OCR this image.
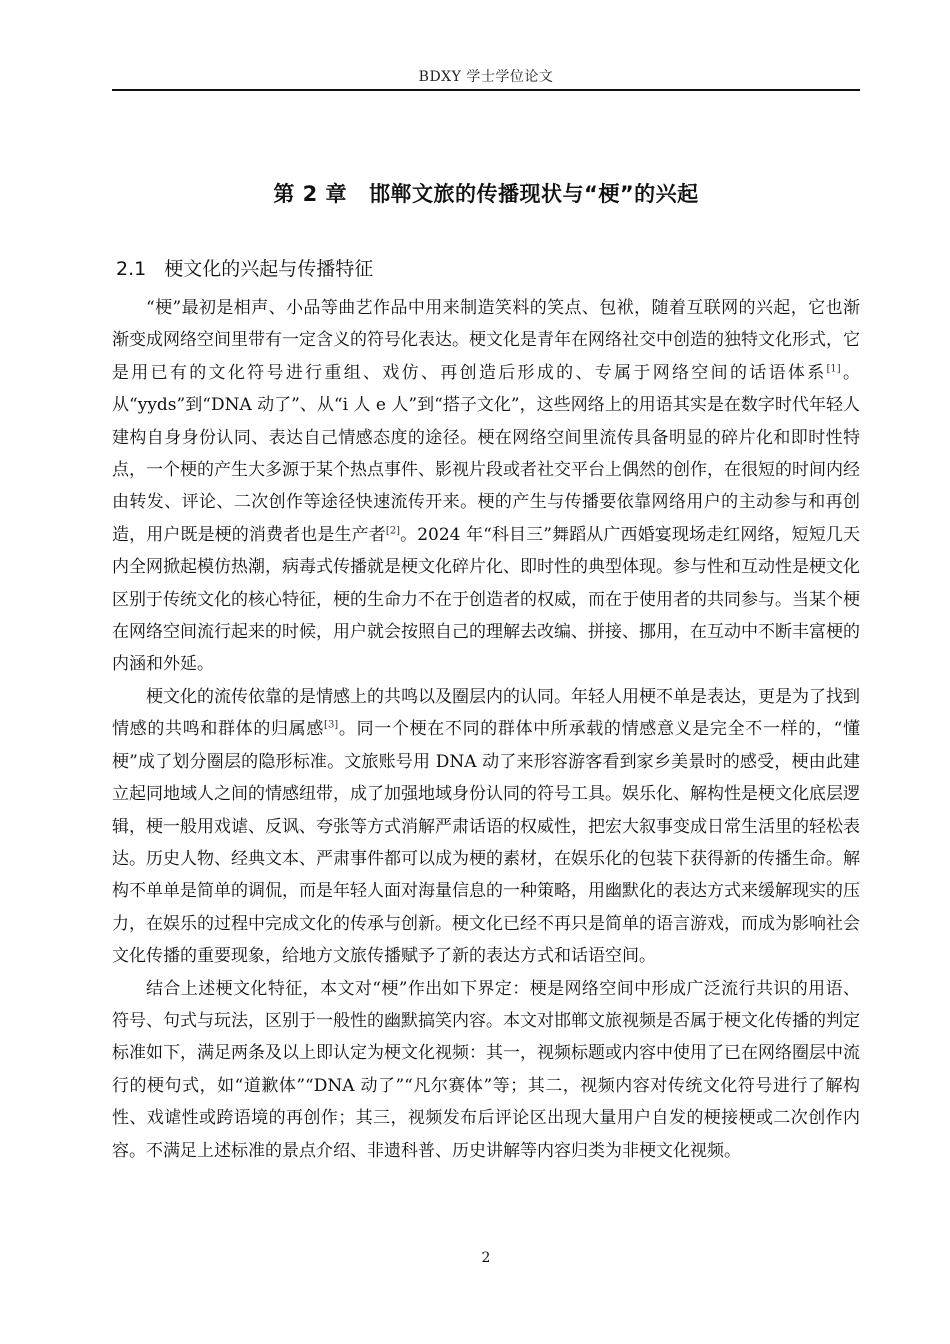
BDXY 学士学位论文
第 2 章 邯郸文旅的传播现状与“梗”的兴起
2.1 梗文化的兴起与传播特征

“梗”最初是相声、小品等曲艺作品中用来制造笑料的笑点、包袱，随着互联网的兴起，它也渐渐变成网络空间里带有一定含义的符号化表达。梗文化是青年在网络社交中创造的独特文化形式，它是用已有的文化符号进行重组、戏仿、再创造后形成的、专属于网络空间的话语体系[1]。从“yyds”到“DNA 动了”、从“i 人 e 人”到“搭子文化”，这些网络上的用语其实是在数字时代年轻人建构自身身份认同、表达自己情感态度的途径。梗在网络空间里流传具备明显的碎片化和即时性特点，一个梗的产生大多源于某个热点事件、影视片段或者社交平台上偶然的创作，在很短的时间内经由转发、评论、二次创作等途径快速流传开来。梗的产生与传播要依靠网络用户的主动参与和再创造，用户既是梗的消费者也是生产者[2]。2024 年“科目三”舞蹈从广西婚宴现场走红网络，短短几天内全网掀起模仿热潮，病毒式传播就是梗文化碎片化、即时性的典型体现。参与性和互动性是梗文化区别于传统文化的核心特征，梗的生命力不在于创造者的权威，而在于使用者的共同参与。当某个梗在网络空间流行起来的时候，用户就会按照自己的理解去改编、拼接、挪用，在互动中不断丰富梗的内涵和外延。

梗文化的流传依靠的是情感上的共鸣以及圈层内的认同。年轻人用梗不单是表达，更是为了找到情感的共鸣和群体的归属感[3]。同一个梗在不同的群体中所承载的情感意义是完全不一样的，“懂梗”成了划分圈层的隐形标准。文旅账号用 DNA 动了来形容游客看到家乡美景时的感受，梗由此建立起同地域人之间的情感纽带，成了加强地域身份认同的符号工具。娱乐化、解构性是梗文化底层逻辑，梗一般用戏谑、反讽、夸张等方式消解严肃话语的权威性，把宏大叙事变成日常生活里的轻松表达。历史人物、经典文本、严肃事件都可以成为梗的素材，在娱乐化的包装下获得新的传播生命。解构不单单是简单的调侃，而是年轻人面对海量信息的一种策略，用幽默化的表达方式来缓解现实的压力，在娱乐的过程中完成文化的传承与创新。梗文化已经不再只是简单的语言游戏，而成为影响社会文化传播的重要现象，给地方文旅传播赋予了新的表达方式和话语空间。

结合上述梗文化特征，本文对“梗”作出如下界定：梗是网络空间中形成广泛流行共识的用语、符号、句式与玩法，区别于一般性的幽默搞笑内容。本文对邯郸文旅视频是否属于梗文化传播的判定标准如下，满足两条及以上即认定为梗文化视频：其一，视频标题或内容中使用了已在网络圈层中流行的梗句式，如“道歉体”“DNA 动了”“凡尔赛体”等；其二，视频内容对传统文化符号进行了解构性、戏谑性或跨语境的再创作；其三，视频发布后评论区出现大量用户自发的梗接梗或二次创作内容。不满足上述标准的景点介绍、非遗科普、历史讲解等内容归类为非梗文化视频。

2
